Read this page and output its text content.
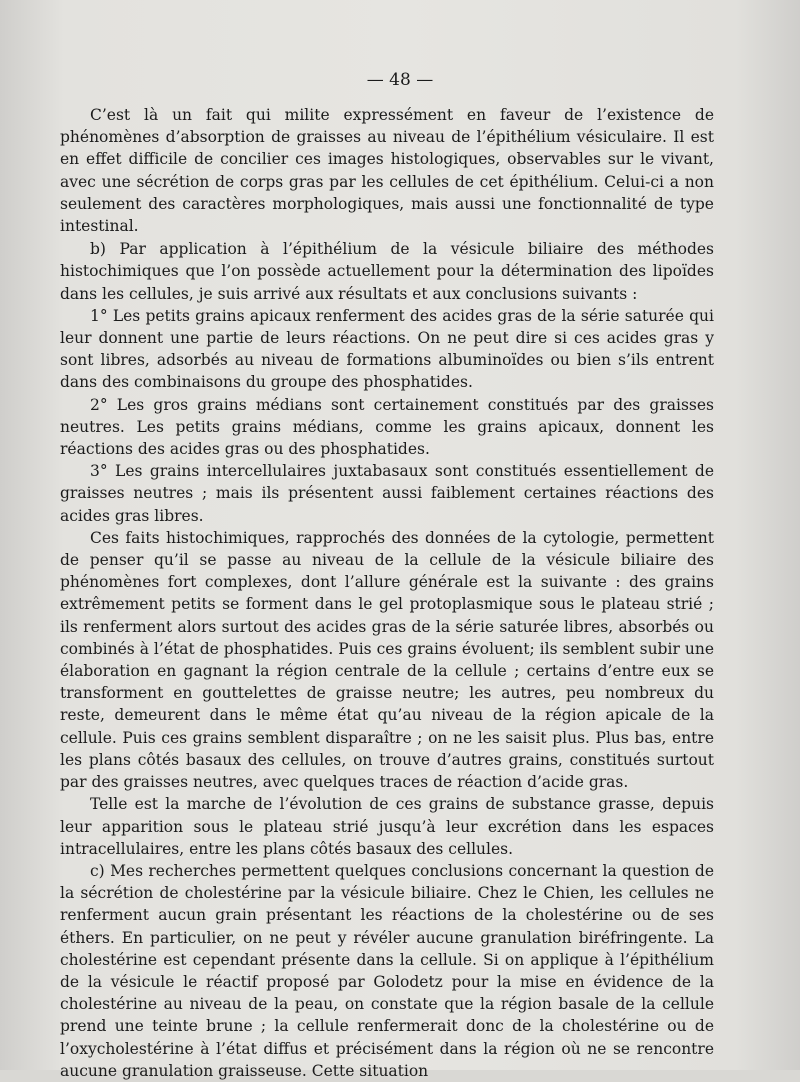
— 48 —

C’est là un fait qui milite expressément en faveur de l’existence de phénomènes d’absorption de graisses au niveau de l’épithélium vésiculaire. Il est en effet difficile de concilier ces images histologiques, observables sur le vivant, avec une sécrétion de corps gras par les cellules de cet épithélium. Celui-ci a non seulement des caractères morphologiques, mais aussi une fonctionnalité de type intestinal.

b) Par application à l’épithélium de la vésicule biliaire des méthodes histochimiques que l’on possède actuellement pour la détermination des lipoïdes dans les cellules, je suis arrivé aux résultats et aux conclusions suivants :

1° Les petits grains apicaux renferment des acides gras de la série saturée qui leur donnent une partie de leurs réactions. On ne peut dire si ces acides gras y sont libres, adsorbés au niveau de formations albuminoïdes ou bien s’ils entrent dans des combinaisons du groupe des phosphatides.

2° Les gros grains médians sont certainement constitués par des graisses neutres. Les petits grains médians, comme les grains apicaux, donnent les réactions des acides gras ou des phosphatides.

3° Les grains intercellulaires juxtabasaux sont constitués essentiellement de graisses neutres ; mais ils présentent aussi faiblement certaines réactions des acides gras libres.

Ces faits histochimiques, rapprochés des données de la cytologie, permettent de penser qu’il se passe au niveau de la cellule de la vésicule biliaire des phénomènes fort complexes, dont l’allure générale est la suivante : des grains extrêmement petits se forment dans le gel protoplasmique sous le plateau strié ; ils renferment alors surtout des acides gras de la série saturée libres, absorbés ou combinés à l’état de phosphatides. Puis ces grains évoluent; ils semblent subir une élaboration en gagnant la région centrale de la cellule ; certains d’entre eux se transforment en gouttelettes de graisse neutre; les autres, peu nombreux du reste, demeurent dans le même état qu’au niveau de la région apicale de la cellule. Puis ces grains semblent disparaître ; on ne les saisit plus. Plus bas, entre les plans côtés basaux des cellules, on trouve d’autres grains, constitués surtout par des graisses neutres, avec quelques traces de réaction d’acide gras.

Telle est la marche de l’évolution de ces grains de substance grasse, depuis leur apparition sous le plateau strié jusqu’à leur excrétion dans les espaces intracellulaires, entre les plans côtés basaux des cellules.

c) Mes recherches permettent quelques conclusions concernant la question de la sécrétion de cholestérine par la vésicule biliaire. Chez le Chien, les cellules ne renferment aucun grain présentant les réactions de la cholestérine ou de ses éthers. En particulier, on ne peut y révéler aucune granulation biréfringente. La cholestérine est cependant présente dans la cellule. Si on applique à l’épithélium de la vésicule le réactif proposé par Golodetz pour la mise en évidence de la cholestérine au niveau de la peau, on constate que la région basale de la cellule prend une teinte brune ; la cellule renfermerait donc de la cholestérine ou de l’oxycholestérine à l’état diffus et précisément dans la région où ne se rencontre aucune granulation graisseuse. Cette situation
